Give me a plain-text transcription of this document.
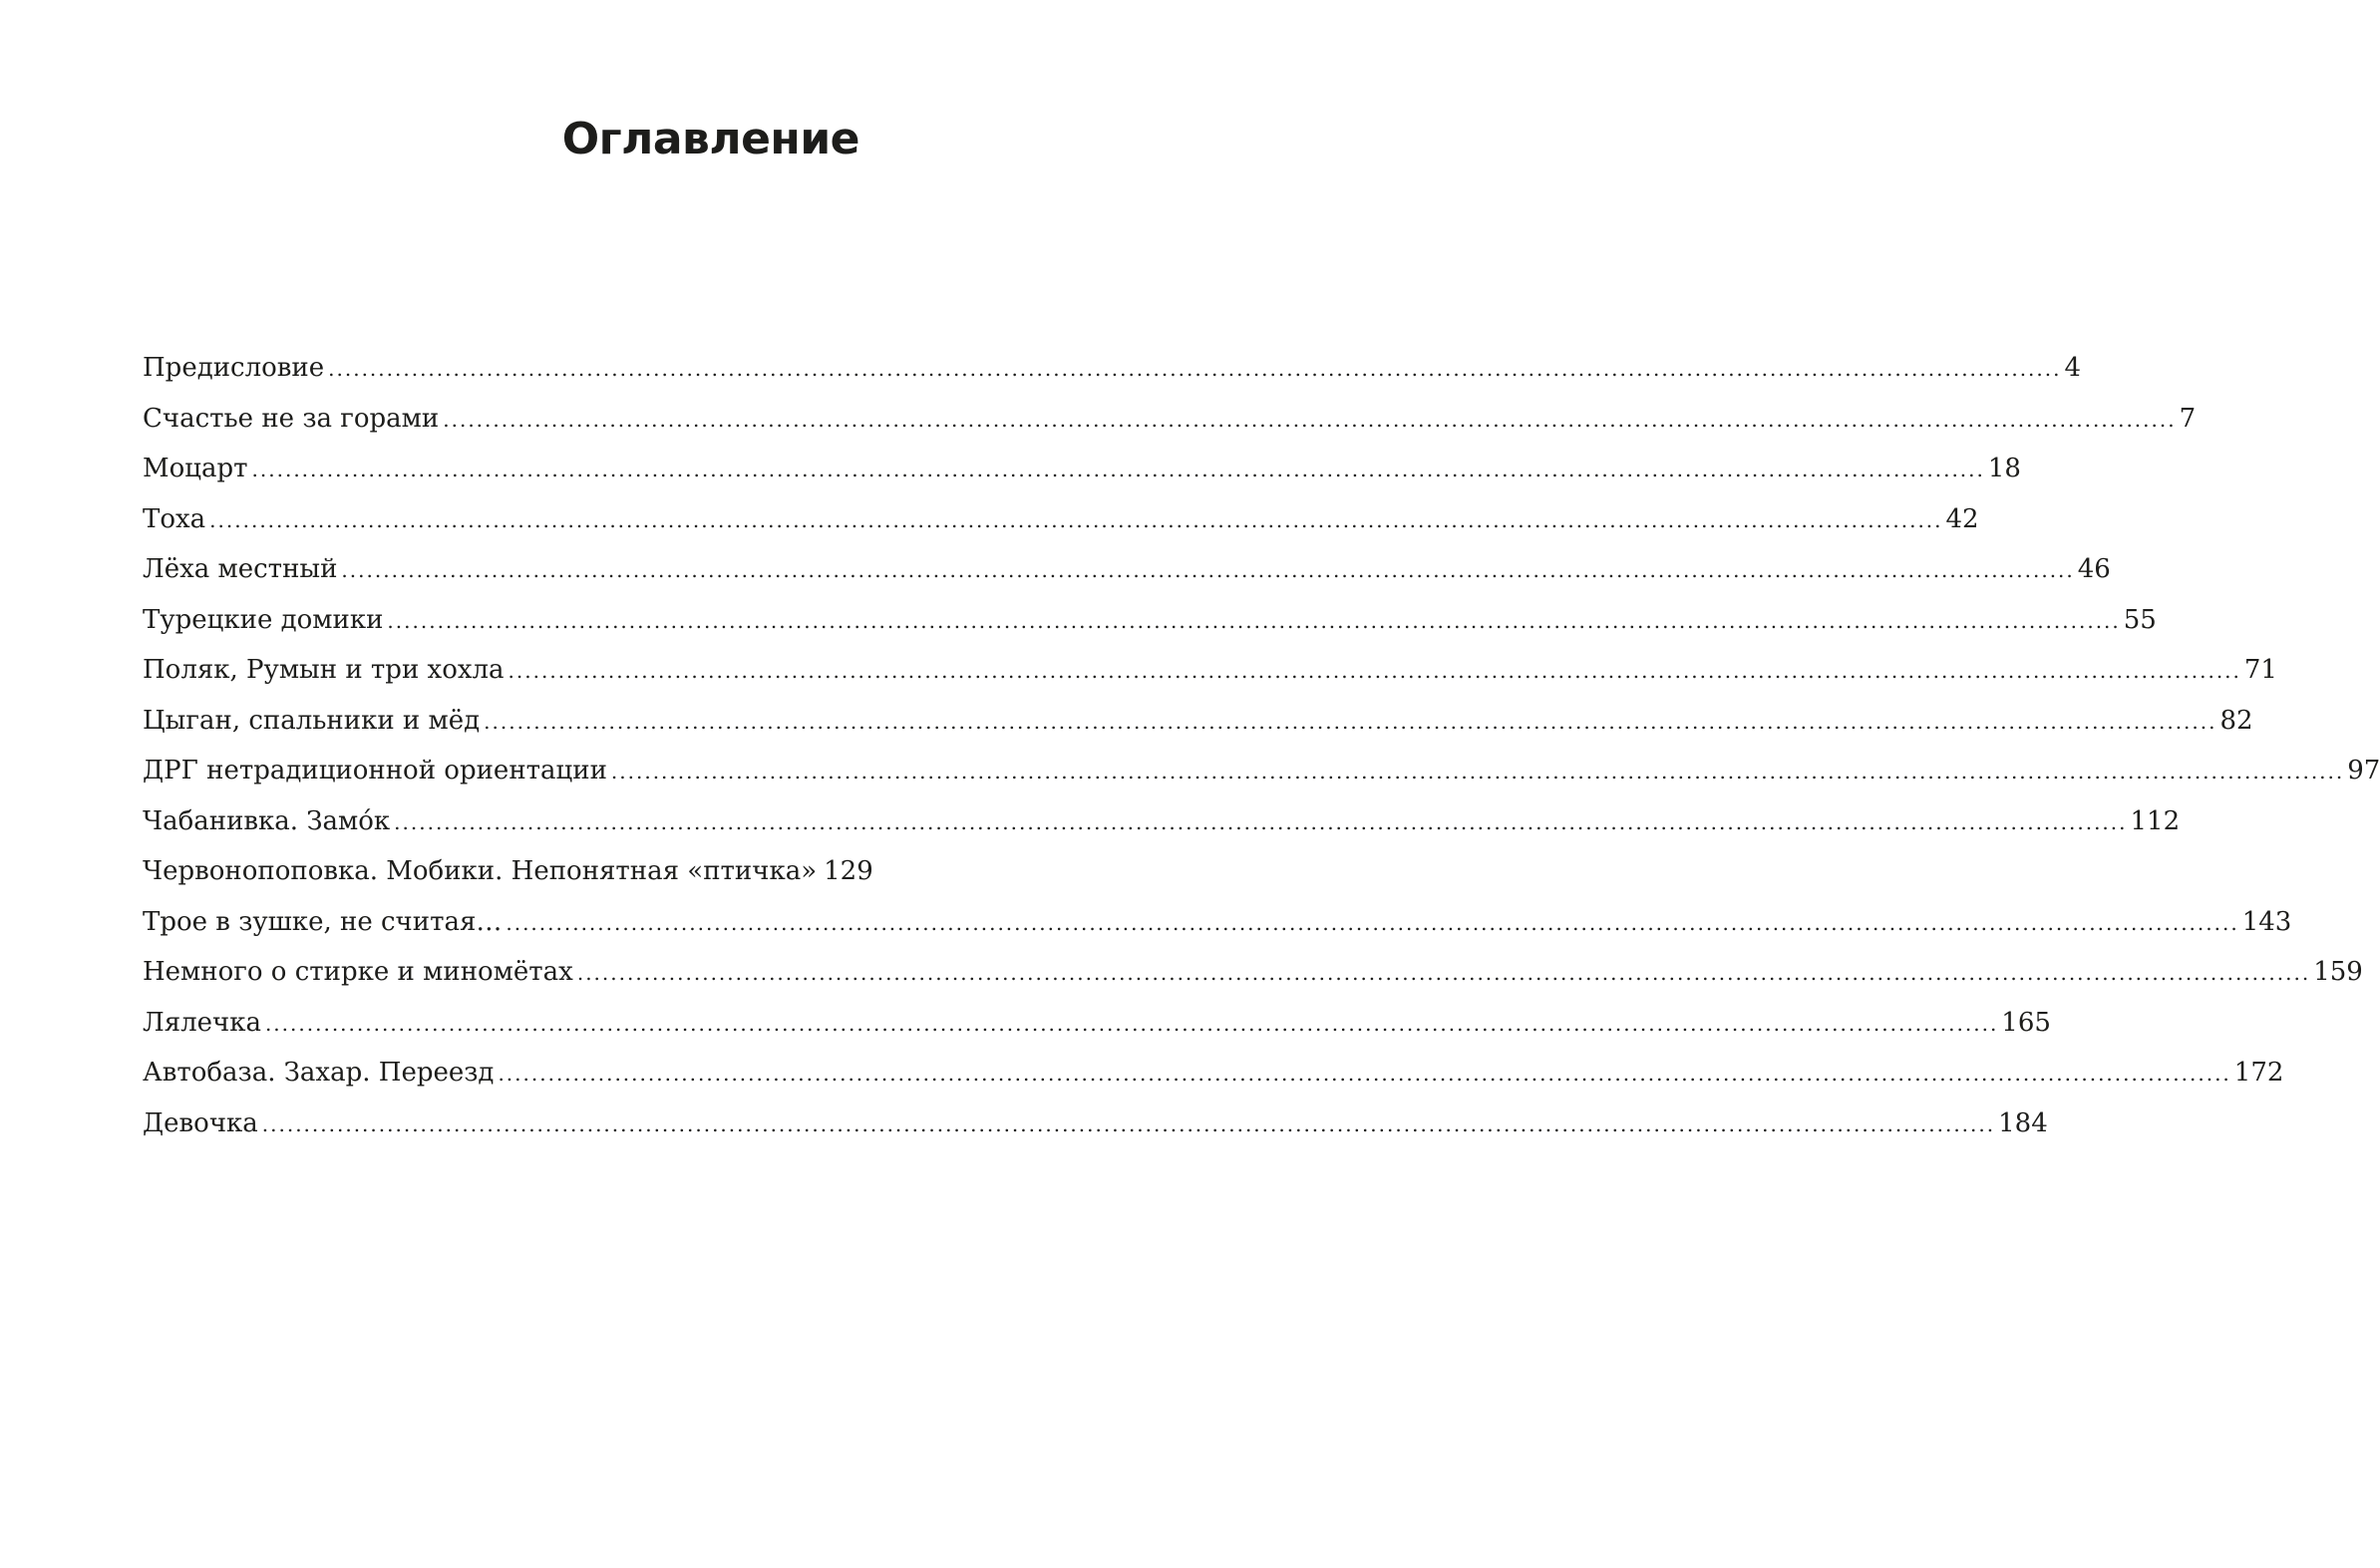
Оглавление
Предисловие .....	4
Счастье не за горами .....	7
Моцарт .....	18
Тоха .....	42
Лёха местный .....	46
Турецкие домики .....	55
Поляк, Румын и три хохла .....	71
Цыган, спальники и мёд .....	82
ДРГ нетрадиционной ориентации .....	97
Чабанивка. Замо́к .....	112
Червонопоповка. Мобики. Непонятная «птичка» 129
Трое в зушке, не считая… .....	143
Немного о стирке и миномётах .....	159
Лялечка .....	165
Автобаза. Захар. Переезд .....	172
Девочка .....	184
